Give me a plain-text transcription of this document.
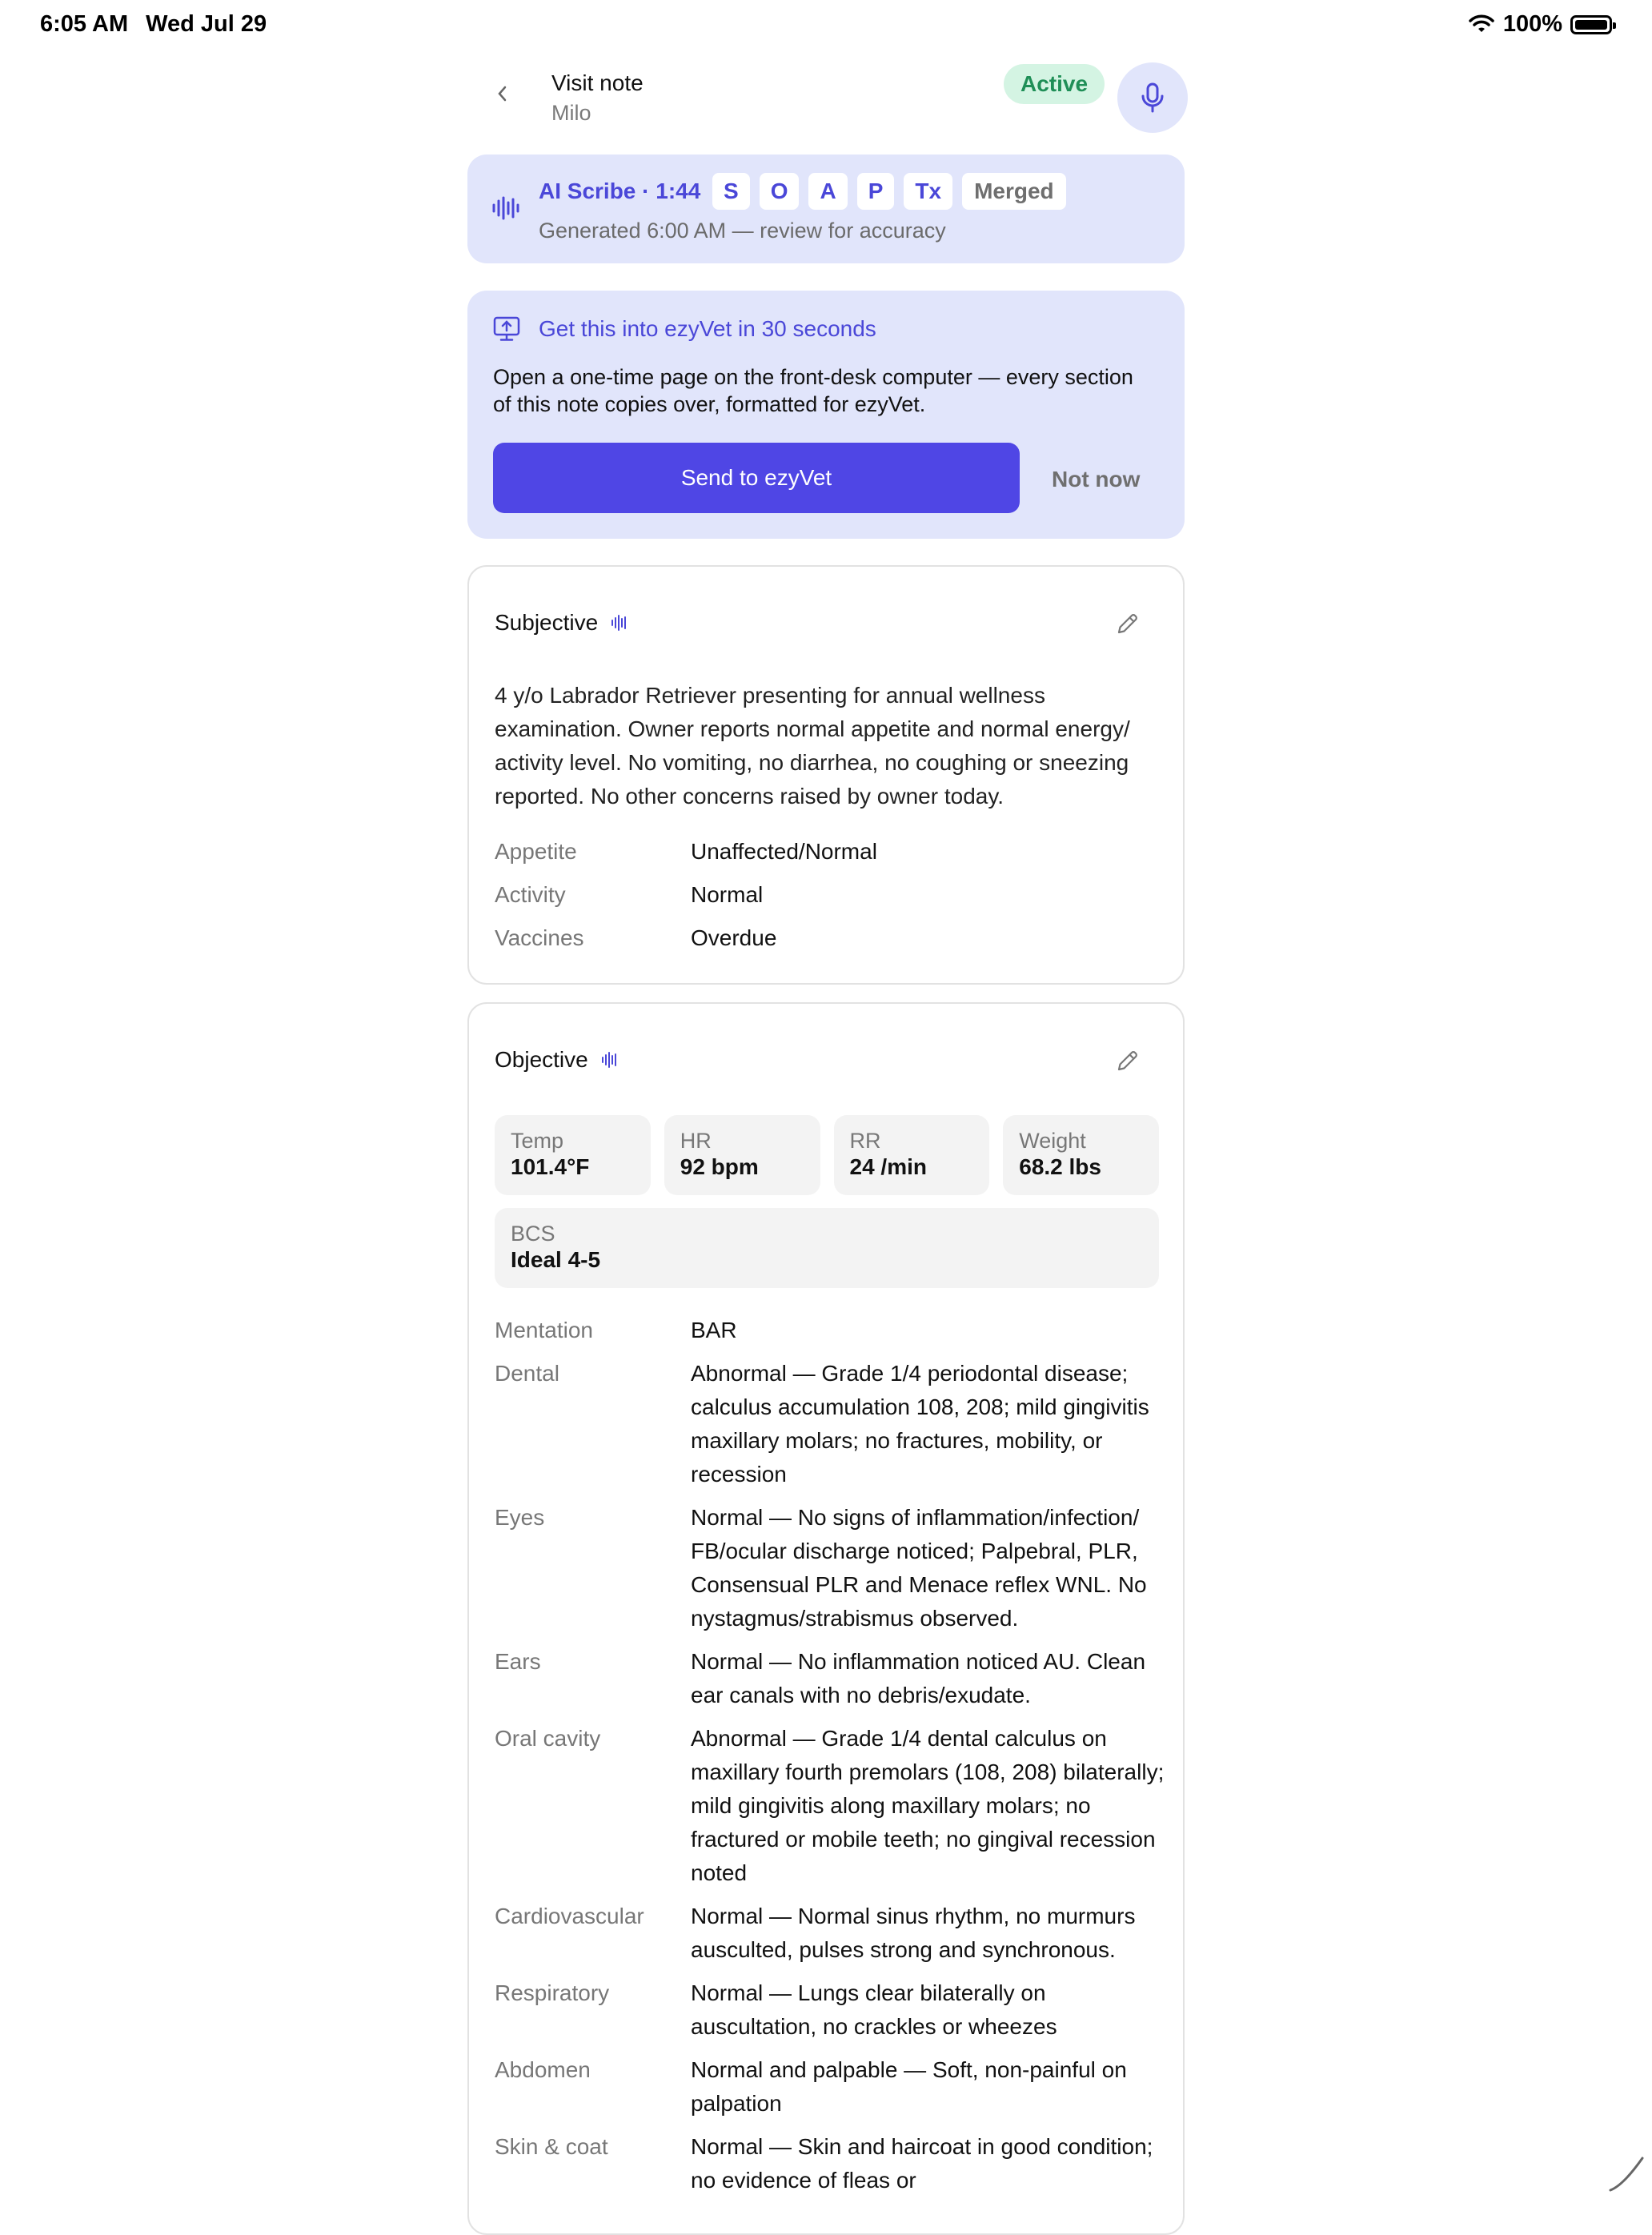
6:05 AM Wed Jul 29	100%
Visit note
Milo
Active
AI Scribe · 1:44	S	O	A	P	Tx	Merged
Generated 6:00 AM — review for accuracy
Get this into ezyVet in 30 seconds
Open a one-time page on the front-desk computer — every section of this note copies over, formatted for ezyVet.
Send to ezyVet	Not now
Subjective
4 y/o Labrador Retriever presenting for annual wellness examination. Owner reports normal appetite and normal energy/ activity level. No vomiting, no diarrhea, no coughing or sneezing reported. No other concerns raised by owner today.
Appetite	Unaffected/Normal
Activity	Normal
Vaccines	Overdue
Objective
Temp
101.4°F
HR
92 bpm
RR
24 /min
Weight
68.2 lbs
BCS
Ideal 4-5
Mentation	BAR
Dental	Abnormal — Grade 1/4 periodontal disease; calculus accumulation 108, 208; mild gingivitis maxillary molars; no fractures, mobility, or recession
Eyes	Normal — No signs of inflammation/infection/ FB/ocular discharge noticed; Palpebral, PLR, Consensual PLR and Menace reflex WNL. No nystagmus/strabismus observed.
Ears	Normal — No inflammation noticed AU. Clean ear canals with no debris/exudate.
Oral cavity	Abnormal — Grade 1/4 dental calculus on maxillary fourth premolars (108, 208) bilaterally; mild gingivitis along maxillary molars; no fractured or mobile teeth; no gingival recession noted
Cardiovascular	Normal — Normal sinus rhythm, no murmurs ausculted, pulses strong and synchronous.
Respiratory	Normal — Lungs clear bilaterally on auscultation, no crackles or wheezes
Abdomen	Normal and palpable — Soft, non-painful on palpation
Skin & coat	Normal — Skin and haircoat in good condition; no evidence of fleas or
